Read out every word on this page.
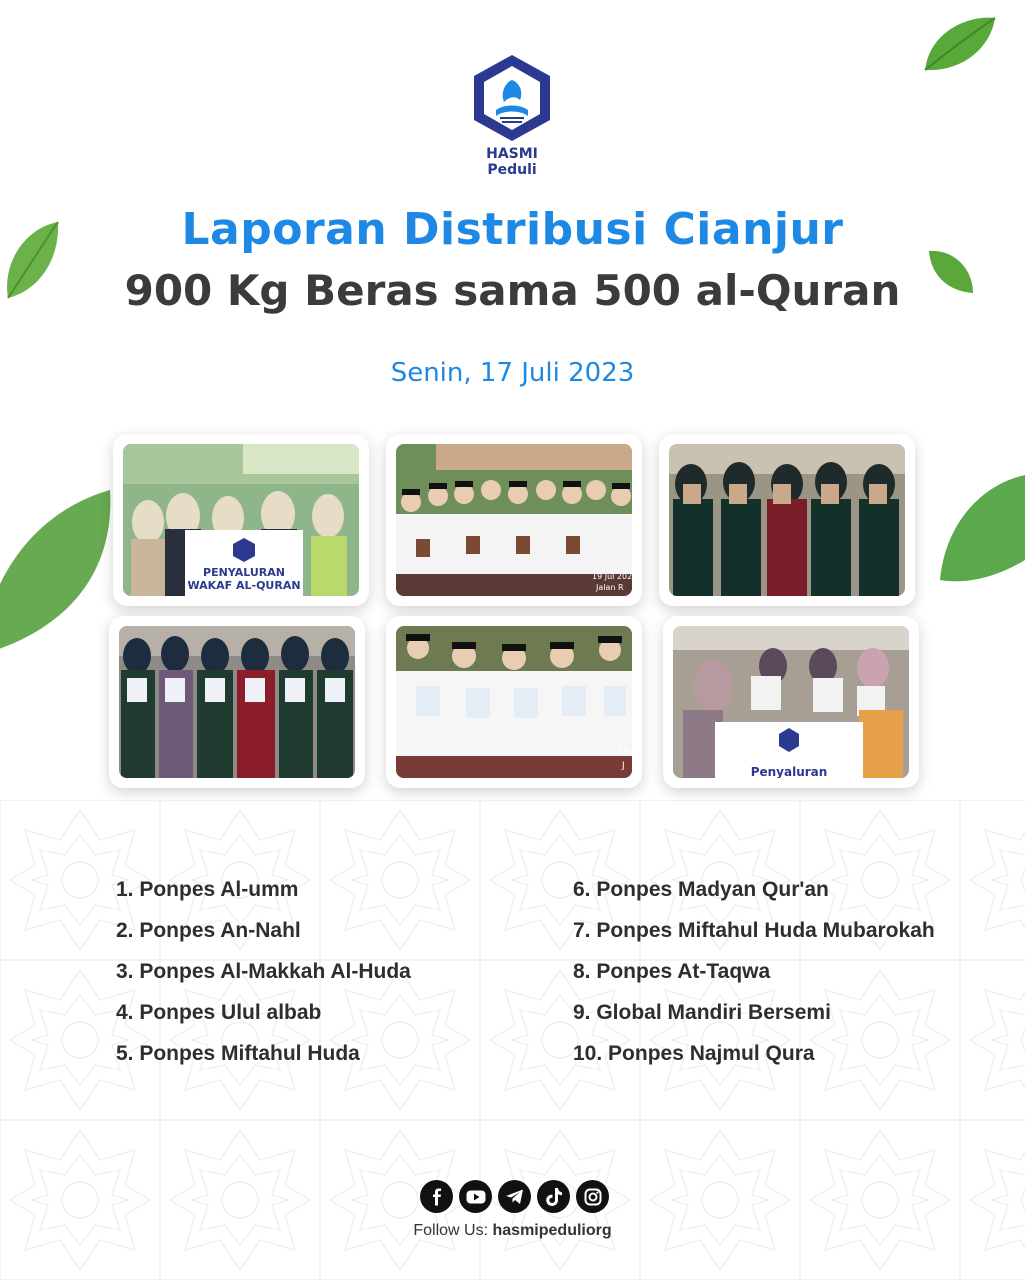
HASMI Peduli
Laporan Distribusi Cianjur
900 Kg Beras sama 500 al-Quran
Senin, 17 Juli 2023
PENYALURAN
WAKAF AL-QURAN
19 Jul 202
Jalan R
19
J	Penyaluran
1. Ponpes Al-umm
2. Ponpes An-Nahl
3. Ponpes Al-Makkah Al-Huda
4. Ponpes Ulul albab
5. Ponpes Miftahul Huda
6. Ponpes Madyan Qur'an
7. Ponpes Miftahul Huda Mubarokah
8. Ponpes At-Taqwa
9. Global Mandiri Bersemi
10. Ponpes Najmul Qura
Follow Us: hasmipeduliorg
